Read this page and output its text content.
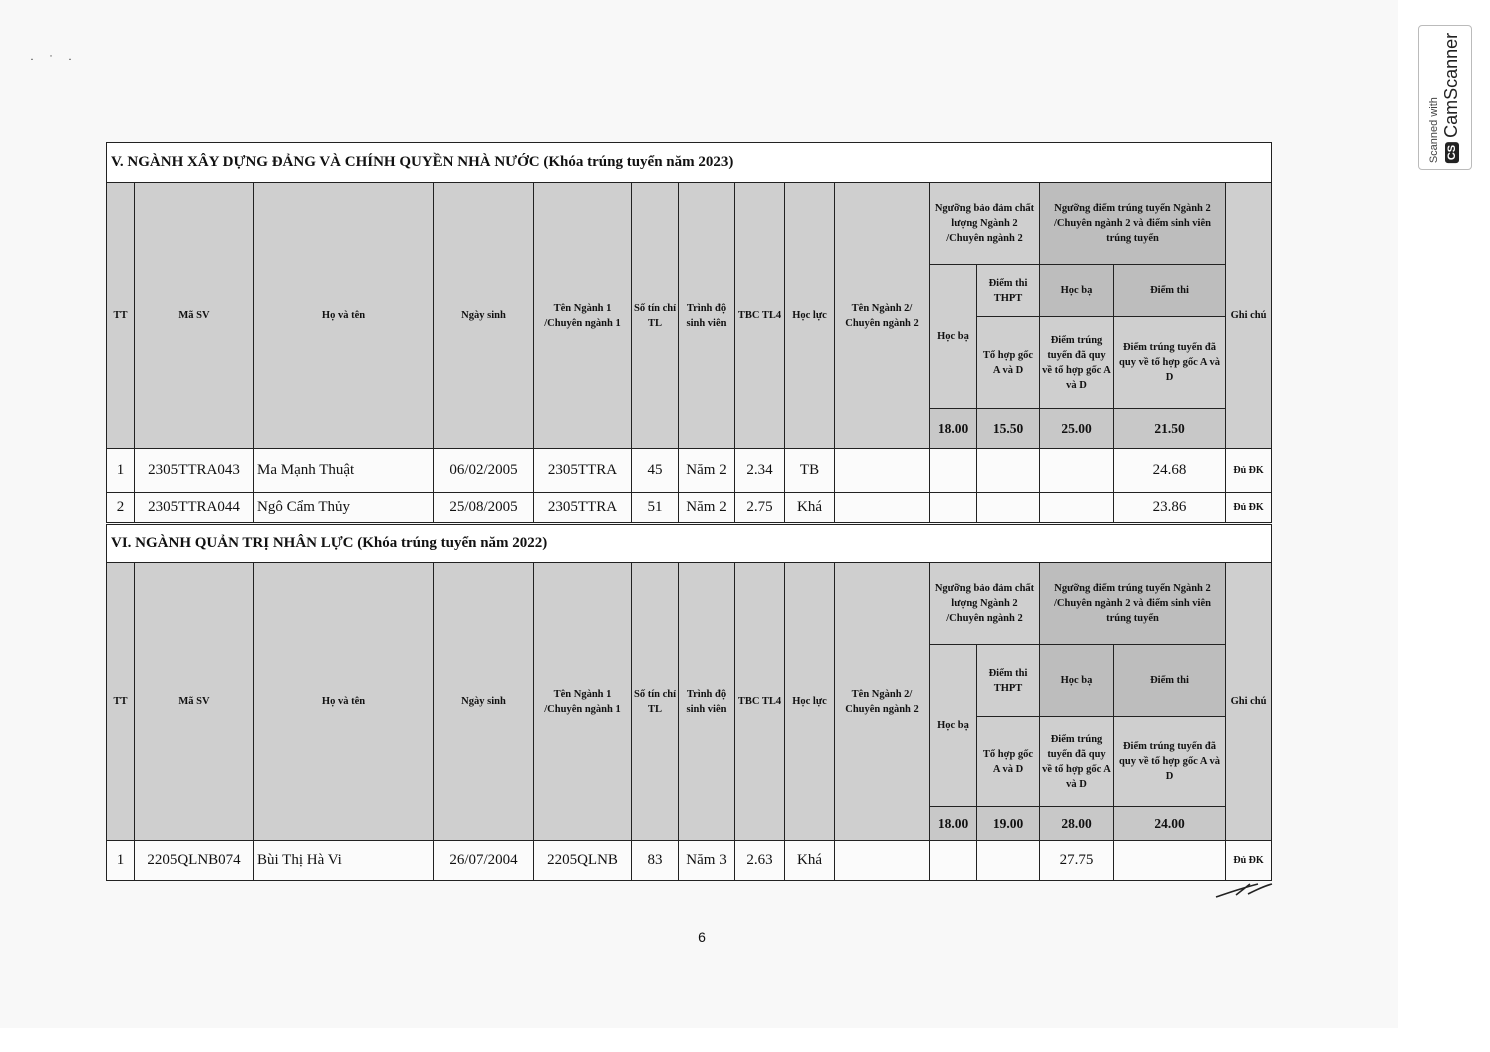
· ˙ ·
Scanned with CSCamScanner
V. NGÀNH XÂY DỰNG ĐẢNG VÀ CHÍNH QUYỀN NHÀ NƯỚC (Khóa trúng tuyển năm 2023)														
TT	Mã SV	Họ và tên	Ngày sinh	Tên Ngành 1 /Chuyên ngành 1	Số tín chỉ TL	Trình độ sinh viên	TBC TL4	Học lực	Tên Ngành 2/ Chuyên ngành 2	Ngưỡng bảo đảm chất lượng Ngành 2 /Chuyên ngành 2		Ngưỡng điểm trúng tuyển Ngành 2 /Chuyên ngành 2 và điểm sinh viên trúng tuyển		Ghi chú
										Học bạ	Điểm thi THPT	Học bạ	Điểm thi	
											Tổ hợp gốc A và D	Điểm trúng tuyển đã quy về tổ hợp gốc A và D	Điểm trúng tuyển đã quy về tổ hợp gốc A và D	
										18.00	15.50	25.00	21.50	
1	2305TTRA043	Ma Mạnh Thuật	06/02/2005	2305TTRA	45	Năm 2	2.34	TB					24.68	Đủ ĐK
2	2305TTRA044	Ngô Cẩm Thủy	25/08/2005	2305TTRA	51	Năm 2	2.75	Khá					23.86	Đủ ĐK
VI. NGÀNH QUẢN TRỊ NHÂN LỰC (Khóa trúng tuyển năm 2022)														
TT	Mã SV	Họ và tên	Ngày sinh	Tên Ngành 1 /Chuyên ngành 1	Số tín chỉ TL	Trình độ sinh viên	TBC TL4	Học lực	Tên Ngành 2/ Chuyên ngành 2	Ngưỡng bảo đảm chất lượng Ngành 2 /Chuyên ngành 2		Ngưỡng điểm trúng tuyển Ngành 2 /Chuyên ngành 2 và điểm sinh viên trúng tuyển		Ghi chú
										Học bạ	Điểm thi THPT	Học bạ	Điểm thi	
											Tổ hợp gốc A và D	Điểm trúng tuyển đã quy về tổ hợp gốc A và D	Điểm trúng tuyển đã quy về tổ hợp gốc A và D	
										18.00	19.00	28.00	24.00	
1	2205QLNB074	Bùi Thị Hà Vi	26/07/2004	2205QLNB	83	Năm 3	2.63	Khá				27.75		Đủ ĐK
6
